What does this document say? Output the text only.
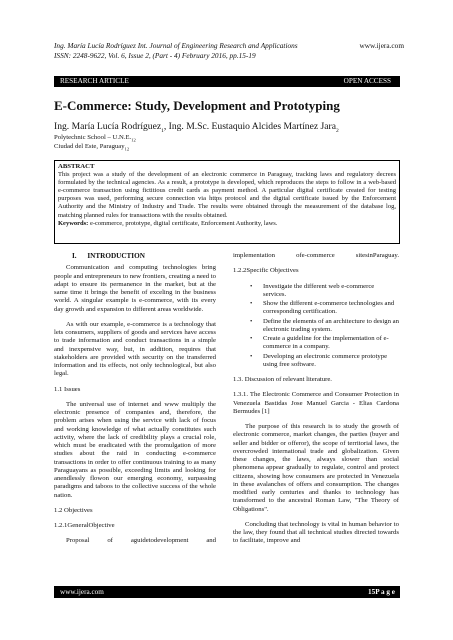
Ing. María Lucía Rodríguez Int. Journal of Engineering Research and Applications	www.ijera.com
ISSN: 2248-9622, Vol. 6, Issue 2, (Part - 4) February 2016, pp.15-19
RESEARCH ARTICLE	OPEN ACCESS
E-Commerce: Study, Development and Prototyping
Ing. María Lucía Rodríguez$_1$, Ing. M.Sc. Eustaquio Alcides Martínez Jara$_2$
Polytechnic School – $U.N.E._{12}$
Ciudad del Este, Paraguay$_{12}$
ABSTRACT
This project was a study of the development of an electronic commerce in Paraguay, tracking laws and regulatory decrees formulated by the technical agencies. As a result, a prototype is developed, which reproduces the steps to follow in a web-based e-commerce transaction using fictitious credit cards as payment method. A particular digital certificate created for testing purposes was used, performing secure connection via https protocol and the digital certificate issued by the Enforcement Authority and the Ministry of Industry and Trade. The results were obtained through the measurement of the database log, matching planned rules for transactions with the results obtained.
Keywords: e-commerce, prototype, digital certificate, Enforcement Authority, laws.

I.      INTRODUCTION

Communication and computing technologies bring people and entrepreneurs to new frontiers, creating a need to adapt to ensure its permanence in the market, but at the same time it brings the benefit of exceling in the business world. A singular example is e-commerce, with its every day growth and expansion to different areas worldwide.

As with our example, e-commerce is a technology that lets consumers, suppliers of goods and services have access to trade information and conduct transactions in a simple and inexpensive way, but, in addition, requires that stakeholders are provided with security on the transferred information and its effects, not only technological, but also legal.

1.1 Issues

The universal use of internet and www multiply the electronic presence of companies and, therefore, the problem arises when using the service with lack of focus and working knowledge of what actually constitutes such activity, where the lack of credibility plays a crucial role, which must be eradicated with the promulgation of more studies about the raid in conducting e-commerce transactions in order to offer continuous training to as many Paraguayans as possible, exceeding limits and looking for anendlessly flowon our emerging economy, surpassing paradigms and taboos to the collective success of the whole nation.

1.2 Objectives

1.2.1GeneralObjective

Proposal of aguidetodevelopment and

implementation ofe-commerce sitesinParaguay.

1.2.2Specific Objectives

• Investigate the different web e-commerce services.
• Show the different e-commerce technologies and corresponding certification.
• Define the elements of an architecture to design an electronic trading system.
• Create a guideline for the implementation of e-commerce in a company.
• Developing an electronic commerce prototype using free software.

1.3. Discussion of relevant literature.

1.3.1. The Electronic Commerce and Consumer Protection in Venezuela Bastidas Jose Manuel Garcia - Elias Cardona Bermudes [1]

The purpose of this research is to study the growth of electronic commerce, market changes, the parties (buyer and seller and bidder or offeror), the scope of territorial laws, the overcrowded international trade and globalization. Given these changes, the laws, always slower than social phenomena appear gradually to regulate, control and protect citizens, showing how consumers are protected in Venezuela in these avalanches of offers and consumption. The changes modified early centuries and thanks to technology has transformed to the ancestral Roman Law, "The Theory of Obligations".

Concluding that technology is vital in human behavior to the law, they found that all technical studies directed towards to facilitate, improve and

www.ijera.com	15P a g e
